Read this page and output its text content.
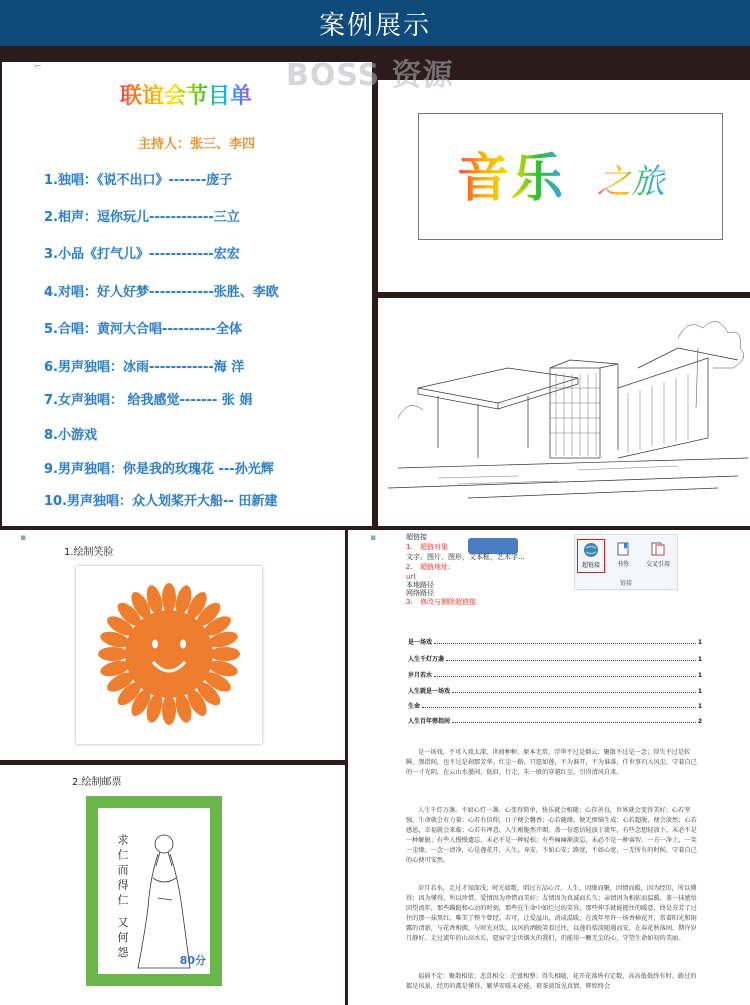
案例展示
BOSS 资源
⌐
联谊会节目单
主持人：张三、李四
1.独唱：《说不出口》-------庞子
2.相声：逗你玩儿------------三立
3.小品《打气儿》------------宏宏
4.对唱：好人好梦------------张胜、李欧
5.合唱：黄河大合唱----------全体
6.男声独唱：冰雨------------海 洋
7.女声独唱： 给我感觉------- 张 娟
8.小游戏
9.男声独唱：你是我的玫瑰花 ---孙光辉
10.男声独唱：众人划桨开大船-- 田新建
音乐 之旅
▪
1.绘制笑脸
2.绘制邮票
求仁而得仁 又何怨	80分
▪	超链接
1. 超链对象
文字、图片，图形，文本框，艺术字...
2. 超链地址:
url
本地路径
网络路径
3. 修改与删除超链接
超链接	书签	交叉引用
链接
是一场戏	1
人生千灯万盏	1
岁月若水	1
人生就是一场戏	1
生命	1
人生百年弹指间	2
是一场戏，不可入戏太深，世间种种，原本无常，浮华不过是烟云；聚散不过是一念；得失不过是转瞬，弹指间，也不过是刹那芳华。红尘一路，只愿如莲，不为谁开，不为谁落，任世事归入风尘，守着自己的一寸光阴，在云山水墨间，低眉，行走，朱一般的穿越红尘，引得清风自来。
人生千灯万盏。不如心灯一盏。心变得简单，快乐就会相随；心存善良，世界就会变得美好；心若坚强，生命就会有力量；心若有信仰，日子便会馨香；心若随缘，便无烦恼生成；心若超脱，便会淡然；心若感恩，幸福就会来临；心若有禅意，人生刚脆然开朗。盖一份愿信轻放于流年，有些念想轻放下，未必不是一种解脱；有些人慢慢遗忘，未必不是一种轻松；有些痛痛渐淡忘，未必不是一种睿智。一方一净土，一笑一尘缘。一念一清净，心是莲花开，人生，身安，不如心安；路宽，不如心宽，一无所有的时候，守着自己的心便可安然。
岁月若水，走过才知深浅；时光如歌，唱过方品心音。人生，因缘而聚，因情而暖，因为经历，所以懂得；因为懂得，所以珍惜，爱情因为珍惜而美好；友情因为真诚而长久；亲情因为相依而温暖。盖一抹感悟回望流年，那些蹒跹和心动的时刻，那些在生命中如烂过的笑容，那些伸手就能握住的暖意，终是芬芳了过往的那一抹黑红，唯美了整个曾经。若可，让爱溢出，消成温暖，在流年里许一场香樟花开，常着阳光和雨露的清新，与花香相拥，与时光对饮，以风的洒脱笑看过往，以莲的恬淡随遇而安，在春花秋落间，期许岁月静好。走过流年的山高水长，愿宿守尘世烟火的我们，仍能用一颗无尘的心，守望生命如初的美丽。
福祸不定：聚散相依；悲喜相交：茫富相整；得失相随，花开花落皆有定数，高高低低终有时。路过的都是风景，经历的都是懂得，繁华安暖未必能，祖茶淡饭见真情，辉煌终会
